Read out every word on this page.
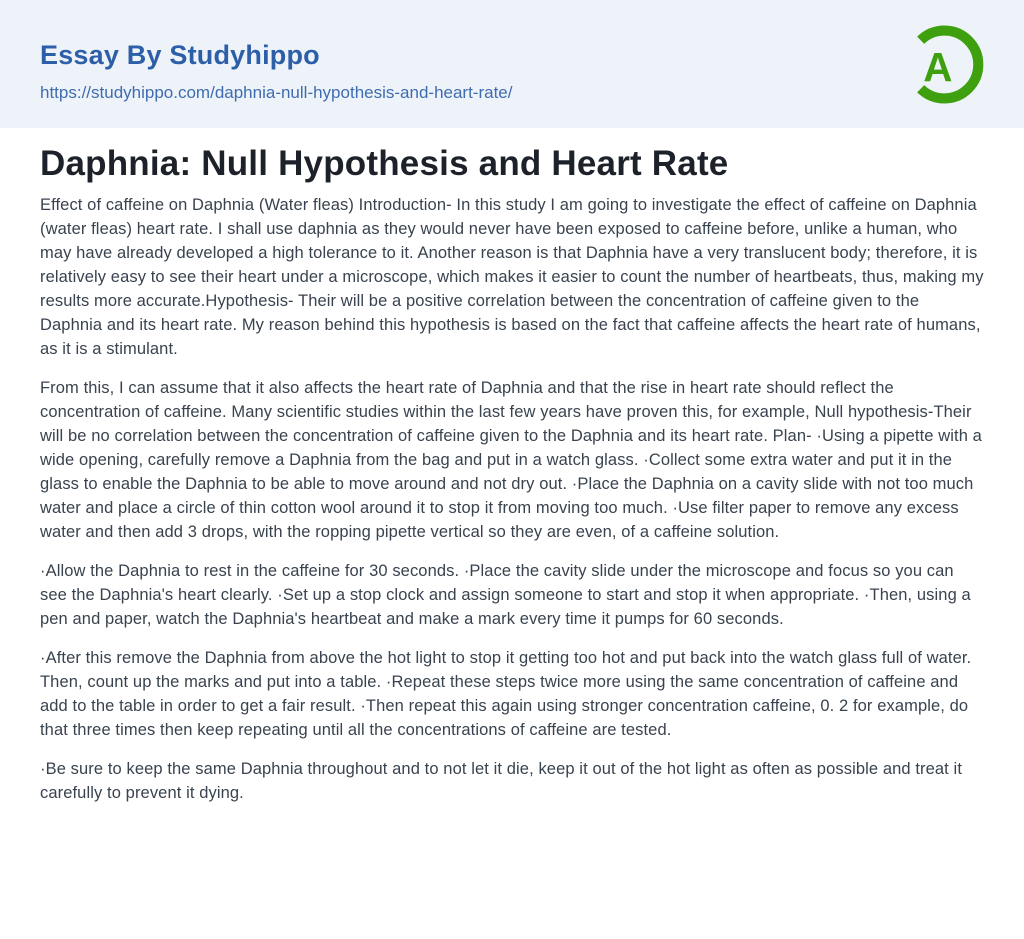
Essay By Studyhippo
https://studyhippo.com/daphnia-null-hypothesis-and-heart-rate/
A
Daphnia: Null Hypothesis and Heart Rate

Effect of caffeine on Daphnia (Water fleas) Introduction- In this study I am going to investigate the effect of caffeine on Daphnia (water fleas) heart rate. I shall use daphnia as they would never have been exposed to caffeine before, unlike a human, who may have already developed a high tolerance to it. Another reason is that Daphnia have a very translucent body; therefore, it is relatively easy to see their heart under a microscope, which makes it easier to count the number of heartbeats, thus, making my results more accurate.Hypothesis- Their will be a positive correlation between the concentration of caffeine given to the Daphnia and its heart rate. My reason behind this hypothesis is based on the fact that caffeine affects the heart rate of humans, as it is a stimulant.

From this, I can assume that it also affects the heart rate of Daphnia and that the rise in heart rate should reflect the concentration of caffeine. Many scientific studies within the last few years have proven this, for example, Null hypothesis-Their will be no correlation between the concentration of caffeine given to the Daphnia and its heart rate. Plan- ·Using a pipette with a wide opening, carefully remove a Daphnia from the bag and put in a watch glass. ·Collect some extra water and put it in the glass to enable the Daphnia to be able to move around and not dry out. ·Place the Daphnia on a cavity slide with not too much water and place a circle of thin cotton wool around it to stop it from moving too much. ·Use filter paper to remove any excess water and then add 3 drops, with the ropping pipette vertical so they are even, of a caffeine solution.

·Allow the Daphnia to rest in the caffeine for 30 seconds. ·Place the cavity slide under the microscope and focus so you can see the Daphnia's heart clearly. ·Set up a stop clock and assign someone to start and stop it when appropriate. ·Then, using a pen and paper, watch the Daphnia's heartbeat and make a mark every time it pumps for 60 seconds.

·After this remove the Daphnia from above the hot light to stop it getting too hot and put back into the watch glass full of water. Then, count up the marks and put into a table. ·Repeat these steps twice more using the same concentration of caffeine and add to the table in order to get a fair result. ·Then repeat this again using stronger concentration caffeine, 0. 2 for example, do that three times then keep repeating until all the concentrations of caffeine are tested.

·Be sure to keep the same Daphnia throughout and to not let it die, keep it out of the hot light as often as possible and treat it carefully to prevent it dying.
